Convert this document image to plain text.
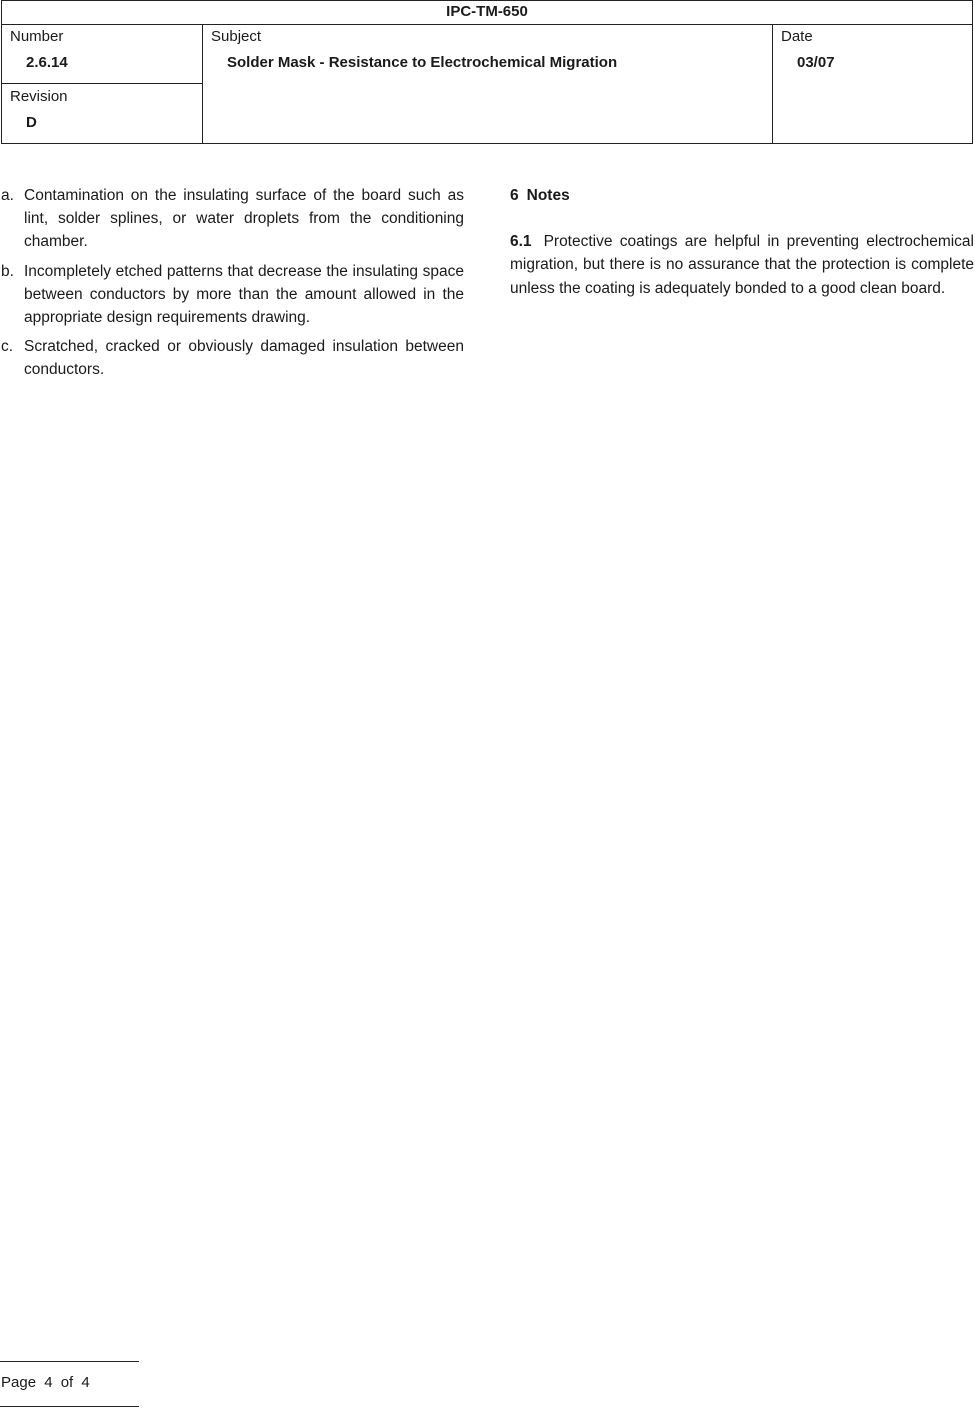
IPC-TM-650
Number
2.6.14
Revision
D
Subject
Solder Mask - Resistance to Electrochemical Migration
Date
03/07
a. Contamination on the insulating surface of the board such as lint, solder splines, or water droplets from the conditioning chamber.
b. Incompletely etched patterns that decrease the insulating space between conductors by more than the amount allowed in the appropriate design requirements drawing.
c. Scratched, cracked or obviously damaged insulation between conductors.
6 Notes
6.1 Protective coatings are helpful in preventing electrochemical migration, but there is no assurance that the protection is complete unless the coating is adequately bonded to a good clean board.
Page 4 of 4
